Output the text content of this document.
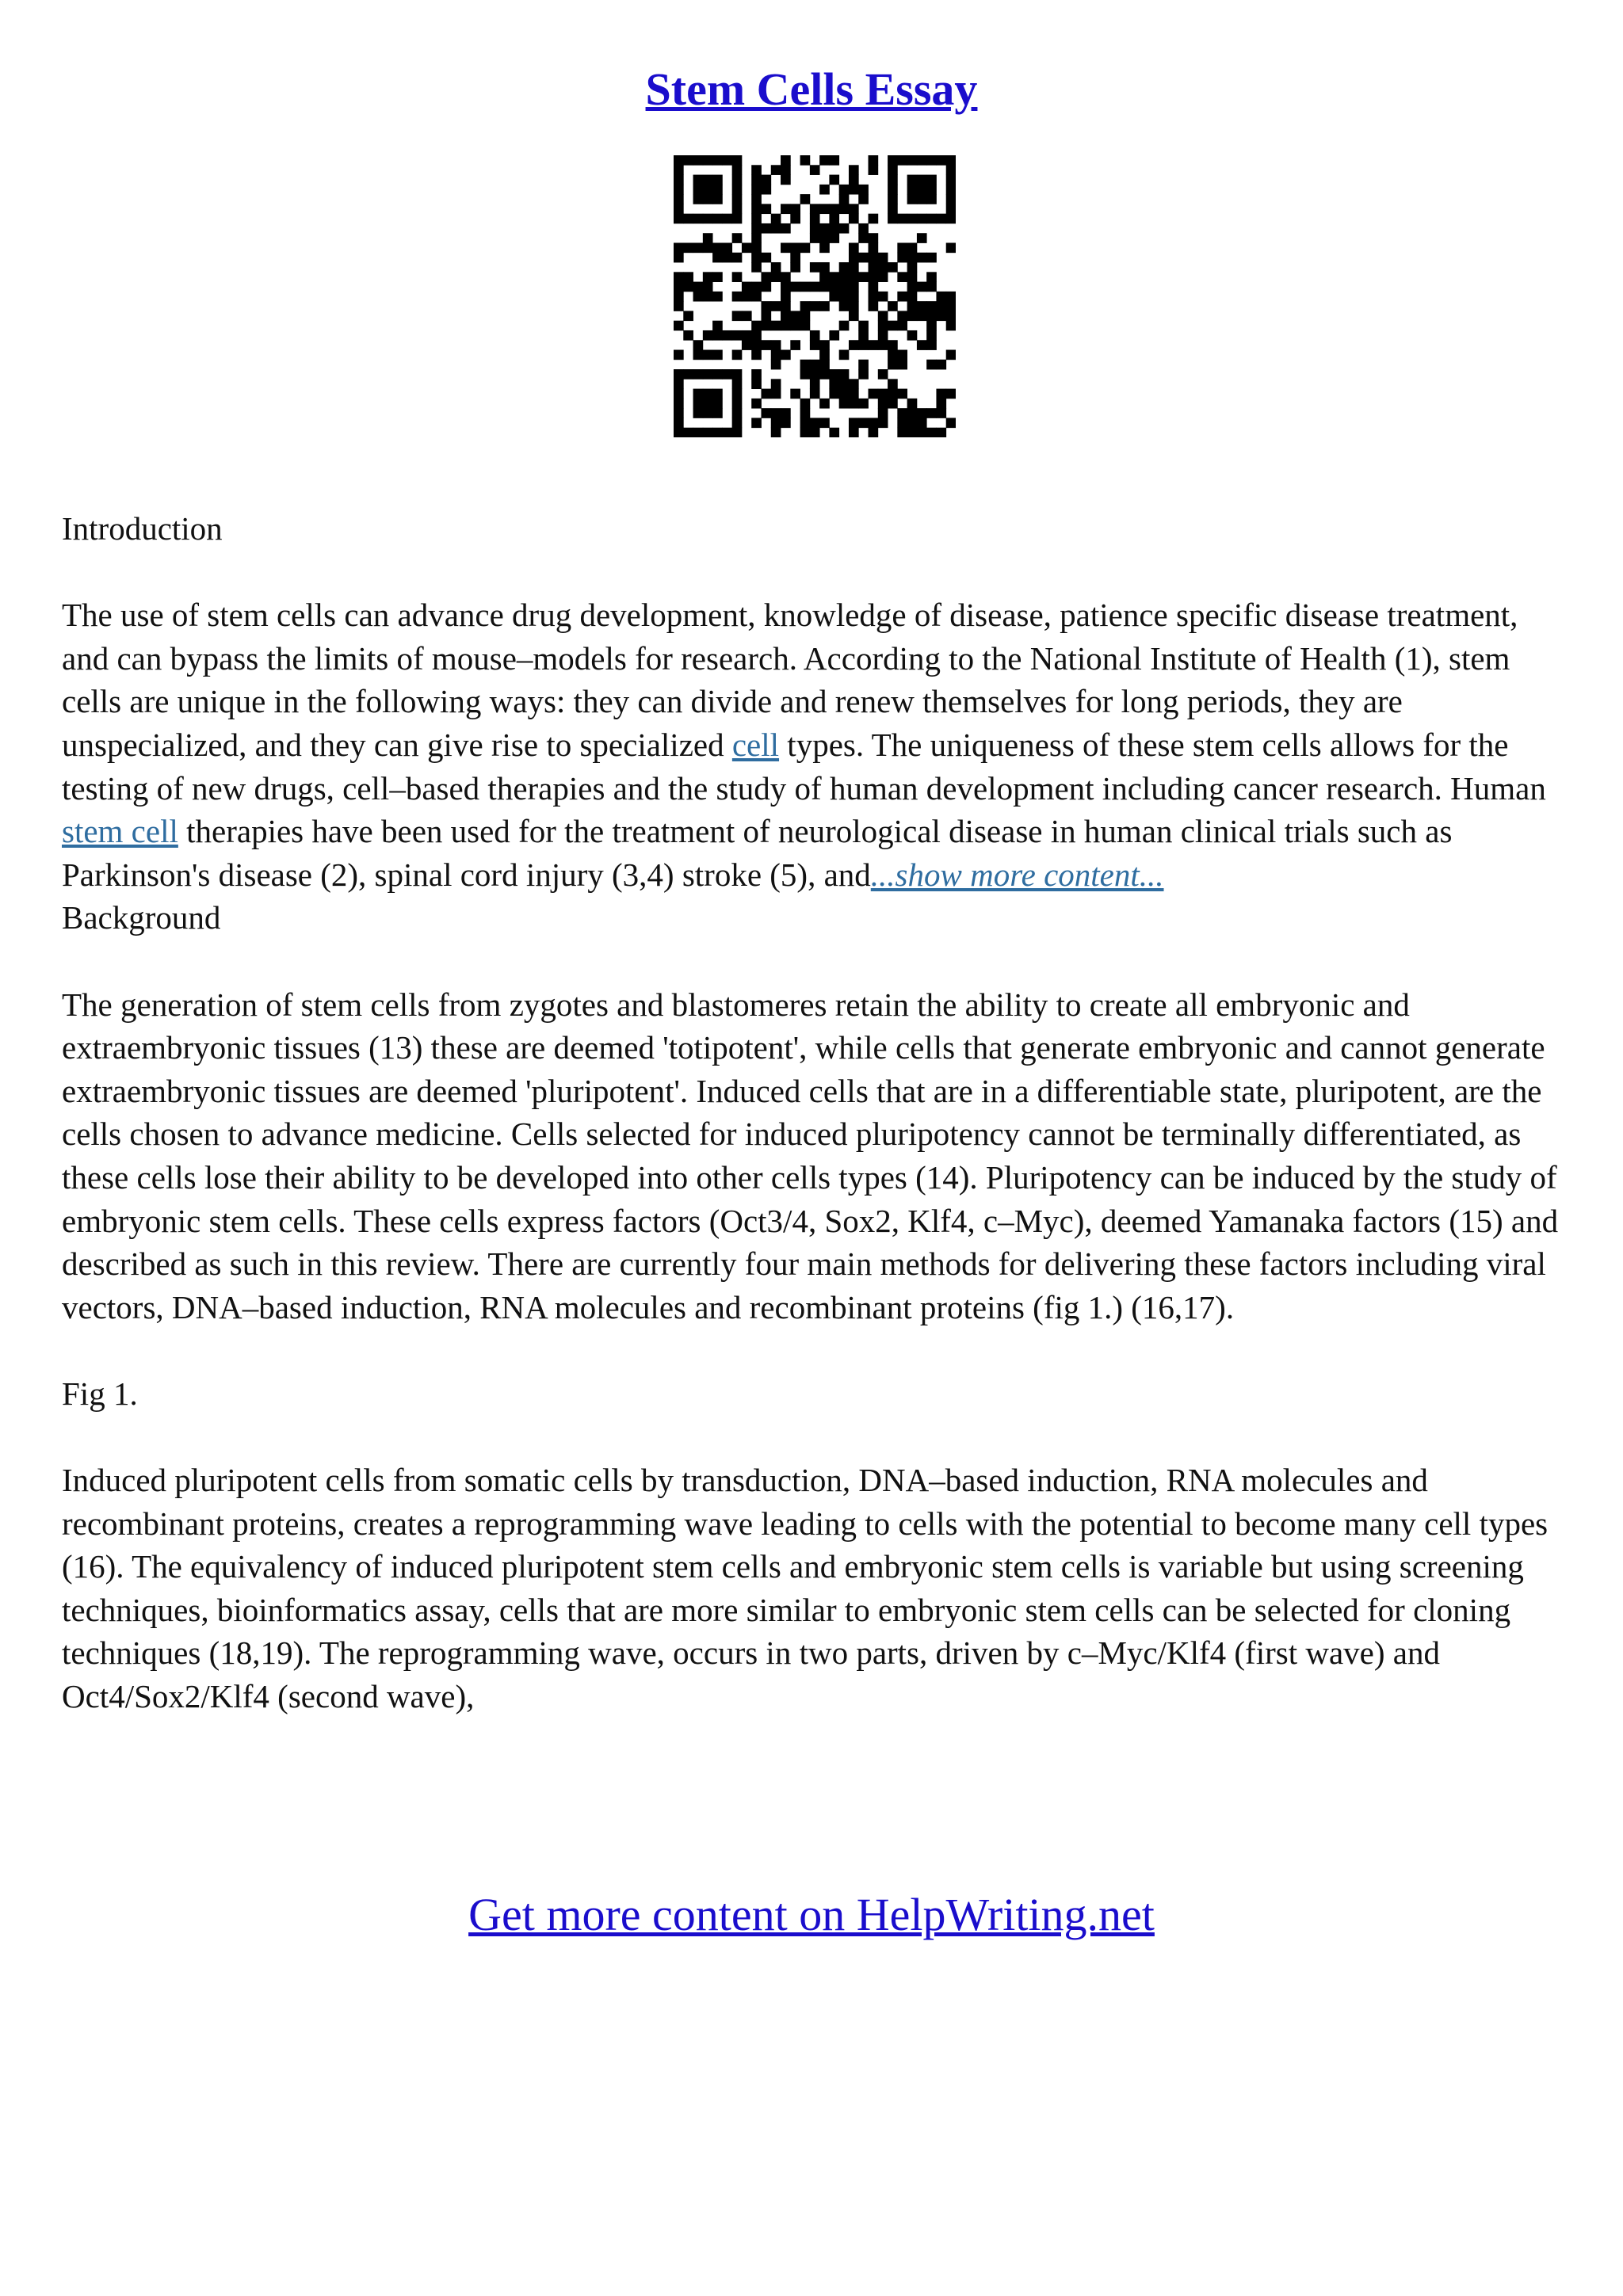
Stem Cells Essay

Introduction

The use of stem cells can advance drug development, knowledge of disease, patience specific disease treatment, and can bypass the limits of mouse–models for research. According to the National Institute of Health (1), stem cells are unique in the following ways: they can divide and renew themselves for long periods, they are unspecialized, and they can give rise to specialized cell types. The uniqueness of these stem cells allows for the testing of new drugs, cell–based therapies and the study of human development including cancer research. Human stem cell therapies have been used for the treatment of neurological disease in human clinical trials such as Parkinson's disease (2), spinal cord injury (3,4) stroke (5), and...show more content...

Background

The generation of stem cells from zygotes and blastomeres retain the ability to create all embryonic and extraembryonic tissues (13) these are deemed 'totipotent', while cells that generate embryonic and cannot generate extraembryonic tissues are deemed 'pluripotent'. Induced cells that are in a differentiable state, pluripotent, are the cells chosen to advance medicine. Cells selected for induced pluripotency cannot be terminally differentiated, as these cells lose their ability to be developed into other cells types (14). Pluripotency can be induced by the study of embryonic stem cells. These cells express factors (Oct3/4, Sox2, Klf4, c–Myc), deemed Yamanaka factors (15) and described as such in this review. There are currently four main methods for delivering these factors including viral vectors, DNA–based induction, RNA molecules and recombinant proteins (fig 1.) (16,17).

Fig 1.

Induced pluripotent cells from somatic cells by transduction, DNA–based induction, RNA molecules and recombinant proteins, creates a reprogramming wave leading to cells with the potential to become many cell types (16). The equivalency of induced pluripotent stem cells and embryonic stem cells is variable but using screening techniques, bioinformatics assay, cells that are more similar to embryonic stem cells can be selected for cloning techniques (18,19). The reprogramming wave, occurs in two parts, driven by c–Myc/Klf4 (first wave) and Oct4/Sox2/Klf4 (second wave),

Get more content on HelpWriting.net
